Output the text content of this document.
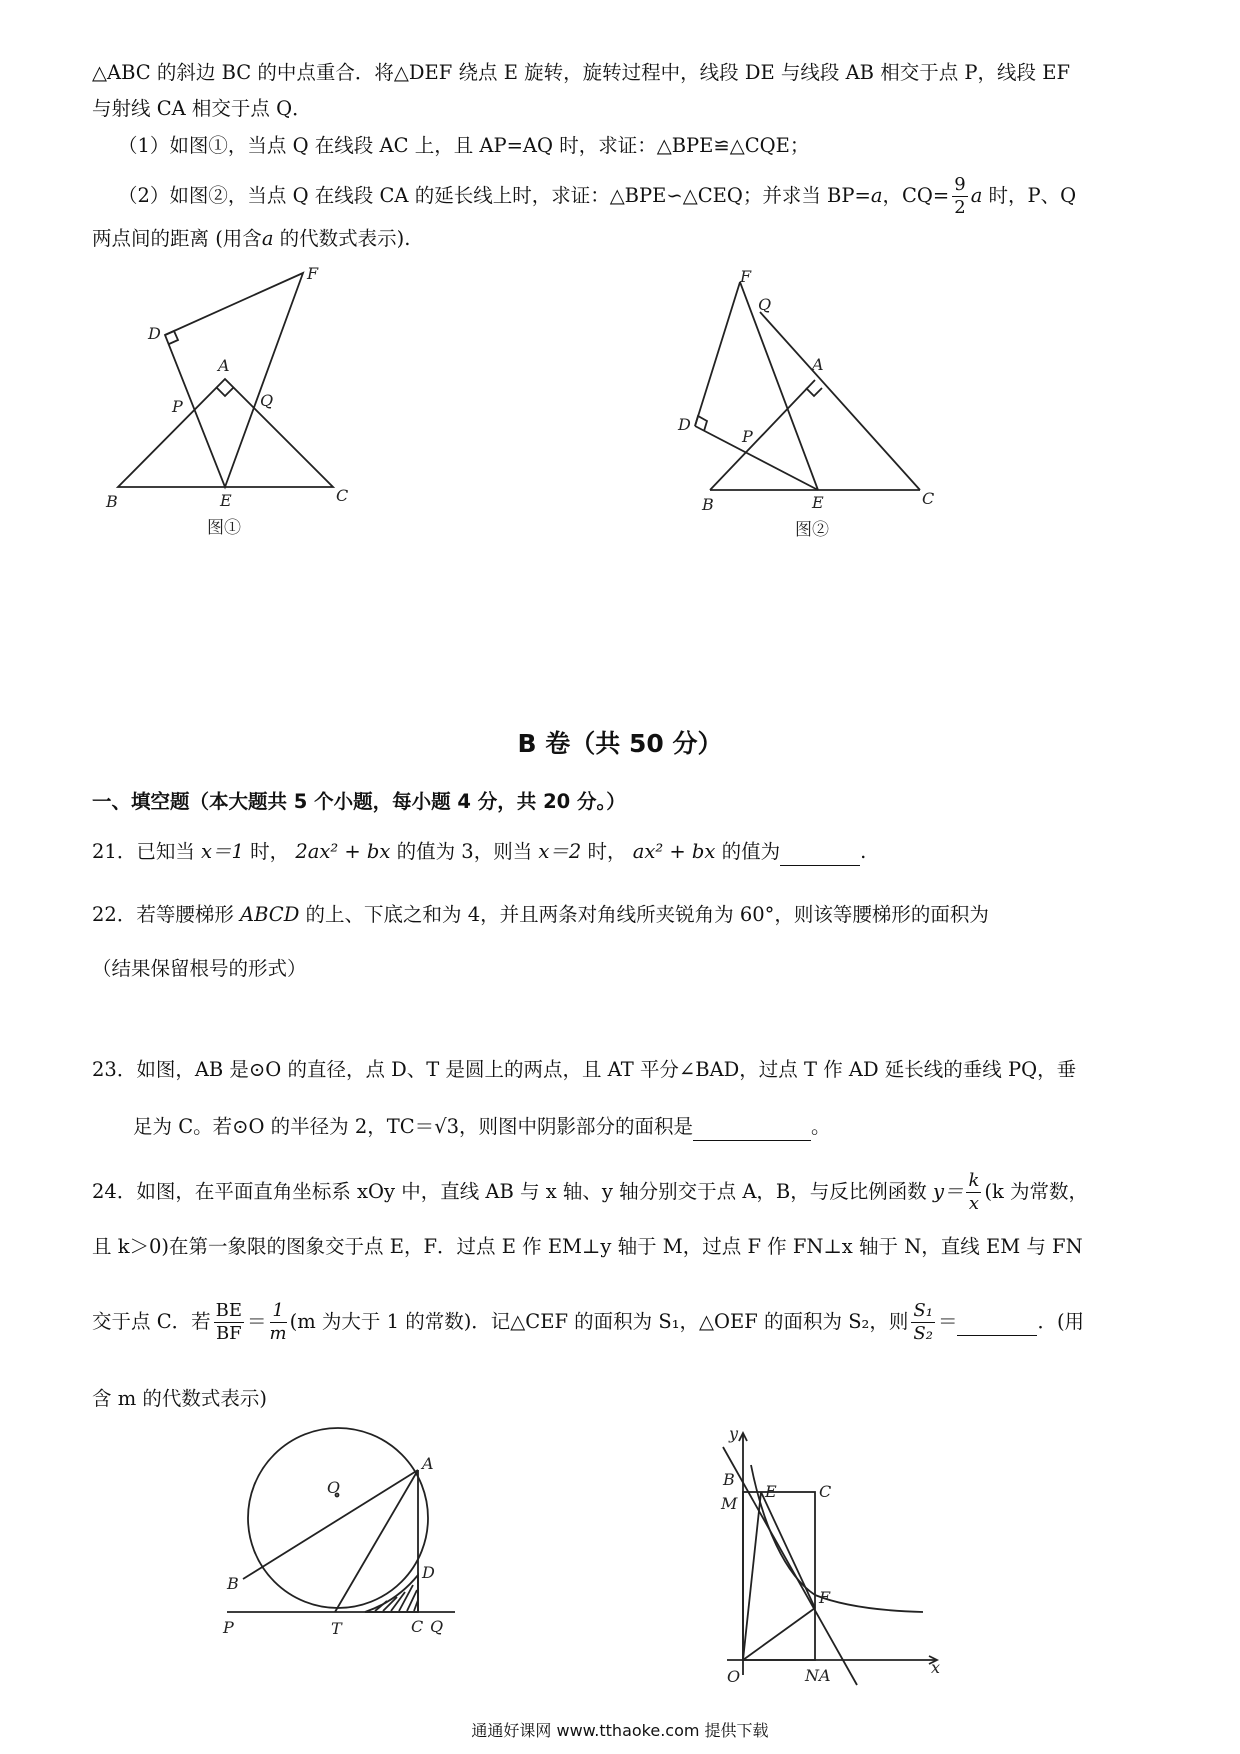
△ABC 的斜边 BC 的中点重合．将△DEF 绕点 E 旋转，旋转过程中，线段 DE 与线段 AB 相交于点 P，线段 EF
与射线 CA 相交于点 Q．
（1）如图①，当点 Q 在线段 AC 上，且 AP=AQ 时，求证：△BPE≌△CQE；
（2）如图②，当点 Q 在线段 CA 的延长线上时，求证：△BPE∽△CEQ；并求当 BP=a，$CQ= \frac{9}{2}$ a 时，P、Q
两点间的距离 (用含a 的代数式表示).
F
D
A
P	Q
B	E	C
图①
F
Q
A
D
P
B	E	C
图②
B 卷（共 50 分）
一、填空题（本大题共 5 个小题，每小题 4 分，共 20 分。）
21．已知当 x＝1 时， 2ax² + bx 的值为 3，则当 x＝2 时， ax² + bx 的值为	.
22．若等腰梯形 ABCD 的上、下底之和为 4，并且两条对角线所夹锐角为 60°，则该等腰梯形的面积为
（结果保留根号的形式）
23．如图，AB 是⊙O 的直径，点 D、T 是圆上的两点，且 AT 平分∠BAD，过点 T 作 AD 延长线的垂线 PQ，垂
足为 C。若⊙O 的半径为 2，TC＝√3，则图中阴影部分的面积是	。
24．如图，在平面直角坐标系 xOy 中，直线 AB 与 x 轴、y 轴分别交于点 A，B，与反比例函数 $y= \frac{k}{x} (k$ 为常数，
且 k＞0)在第一象限的图象交于点 E，F．过点 E 作 EM⊥y 轴于 M，过点 F 作 FN⊥x 轴于 N，直线 EM 与 FN
交于点 C．若 $\frac{BE}{BF} = \frac{1}{m} (m$ 为大于 1 的常数)．记△CEF 的面积为 S₁，△OEF 的面积为 S₂，则 $\frac{\text{S₁}}{\text{S₂}}$ ＝	．(用
含 m 的代数式表示)
A
O
B
D
P	T	C Q
y
B
M
E	C
F
O	N A	x
通通好课网 www.tthaoke.com 提供下载
